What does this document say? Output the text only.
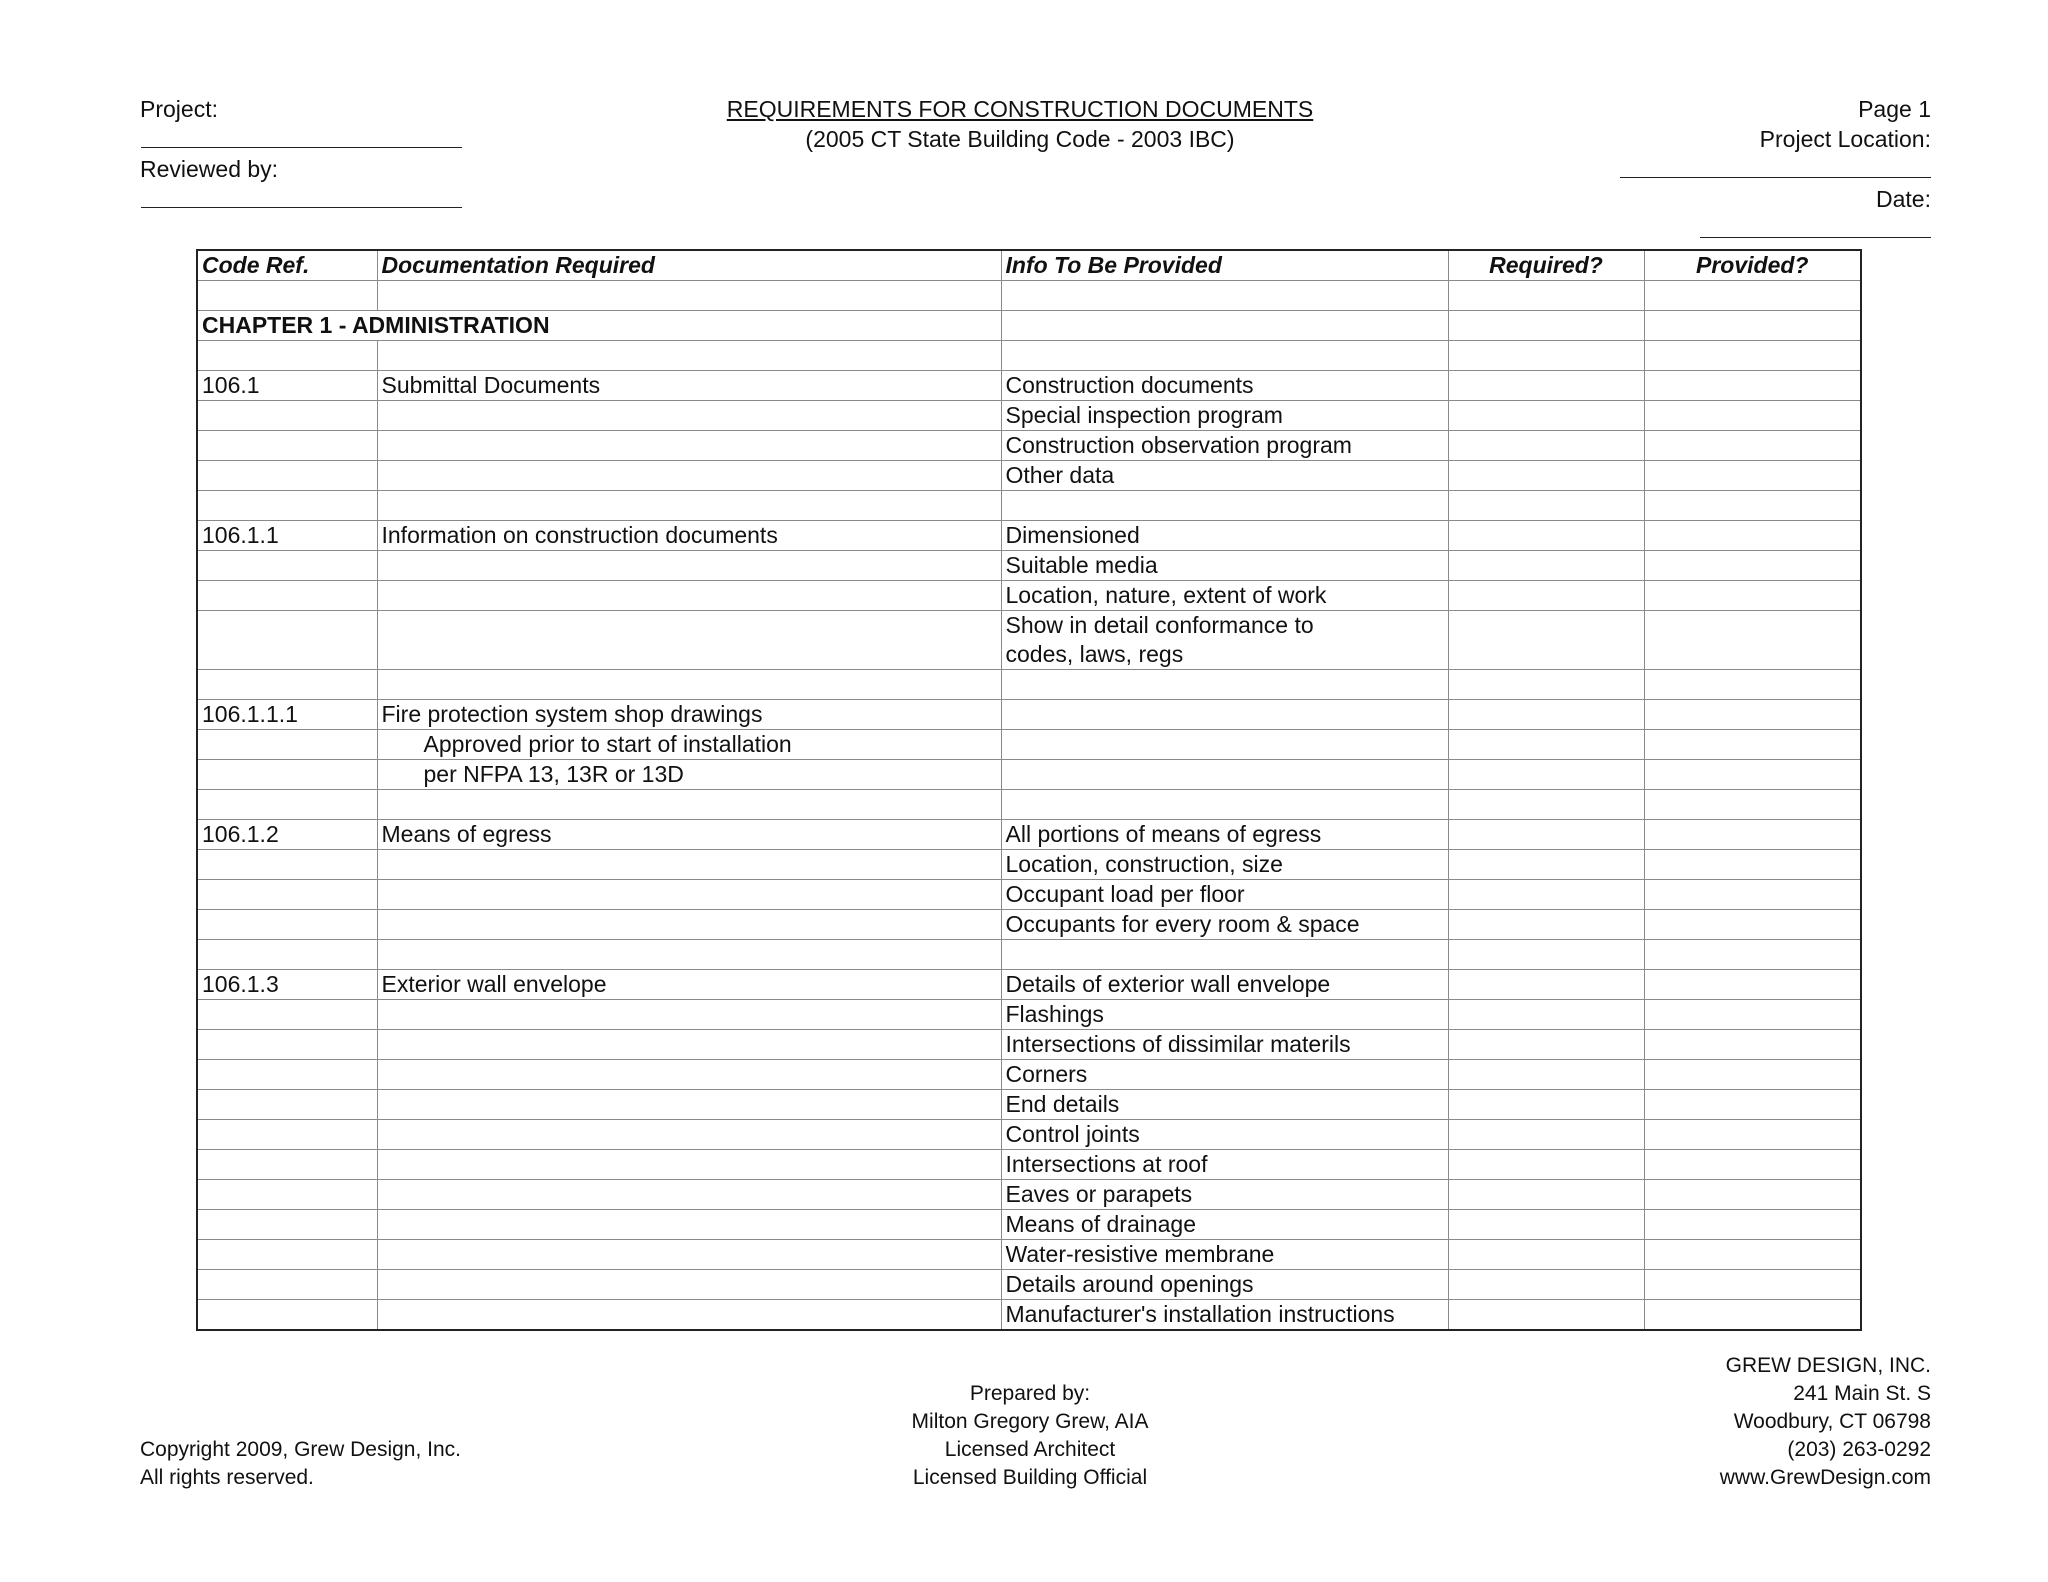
Project:
Reviewed by:
REQUIREMENTS FOR CONSTRUCTION DOCUMENTS
(2005 CT State Building Code - 2003 IBC)
Page 1
Project Location:
Date:
Code Ref.	Documentation Required	Info To Be Provided	Required?	Provided?

CHAPTER 1 - ADMINISTRATION				

106.1	Submittal Documents	Construction documents		
		Special inspection program		
		Construction observation program		
		Other data		

106.1.1	Information on construction documents	Dimensioned		
		Suitable media		
		Location, nature, extent of work		
		Show in detail conformance to		
		codes, laws, regs		

106.1.1.1	Fire protection system shop drawings			
	Approved prior to start of installation			
	per NFPA 13, 13R or 13D			

106.1.2	Means of egress	All portions of means of egress		
		Location, construction, size		
		Occupant load per floor		
		Occupants for every room & space		

106.1.3	Exterior wall envelope	Details of exterior wall envelope		
		Flashings		
		Intersections of dissimilar materils		
		Corners		
		End details		
		Control joints		
		Intersections at roof		
		Eaves or parapets		
		Means of drainage		
		Water-resistive membrane		
		Details around openings		
		Manufacturer's installation instructions		
Copyright 2009, Grew Design, Inc.
All rights reserved.
Prepared by:
Milton Gregory Grew, AIA
Licensed Architect
Licensed Building Official
GREW DESIGN, INC.
241 Main St. S
Woodbury, CT 06798
(203) 263-0292
www.GrewDesign.com
